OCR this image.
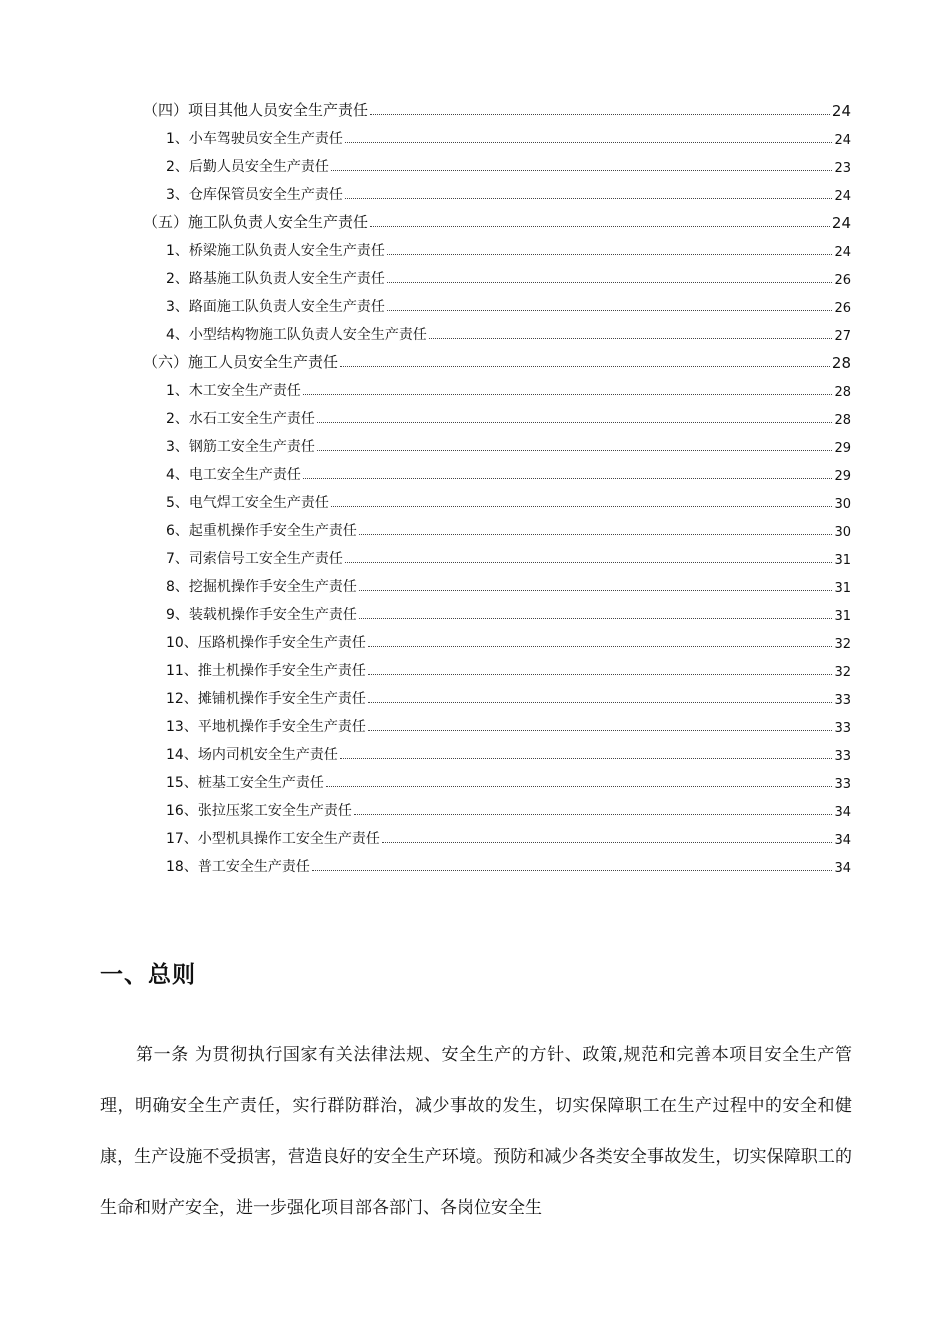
（四）项目其他人员安全生产责任	24
1、小车驾驶员安全生产责任	24
2、后勤人员安全生产责任	23
3、仓库保管员安全生产责任	24
（五）施工队负责人安全生产责任	24
1、桥梁施工队负责人安全生产责任	24
2、路基施工队负责人安全生产责任	26
3、路面施工队负责人安全生产责任	26
4、小型结构物施工队负责人安全生产责任	27
（六）施工人员安全生产责任	28
1、木工安全生产责任	28
2、水石工安全生产责任	28
3、钢筋工安全生产责任	29
4、电工安全生产责任	29
5、电气焊工安全生产责任	30
6、起重机操作手安全生产责任	30
7、司索信号工安全生产责任	31
8、挖掘机操作手安全生产责任	31
9、装载机操作手安全生产责任	31
10、压路机操作手安全生产责任	32
11、推土机操作手安全生产责任	32
12、摊铺机操作手安全生产责任	33
13、平地机操作手安全生产责任	33
14、场内司机安全生产责任	33
15、桩基工安全生产责任	33
16、张拉压浆工安全生产责任	34
17、小型机具操作工安全生产责任	34
18、普工安全生产责任	34
一、总则
第一条 为贯彻执行国家有关法律法规、安全生产的方针、政策,规范和完善本项目安全生产管理，明确安全生产责任，实行群防群治，减少事故的发生，切实保障职工在生产过程中的安全和健康，生产设施不受损害，营造良好的安全生产环境。预防和减少各类安全事故发生，切实保障职工的生命和财产安全，进一步强化项目部各部门、各岗位安全生
